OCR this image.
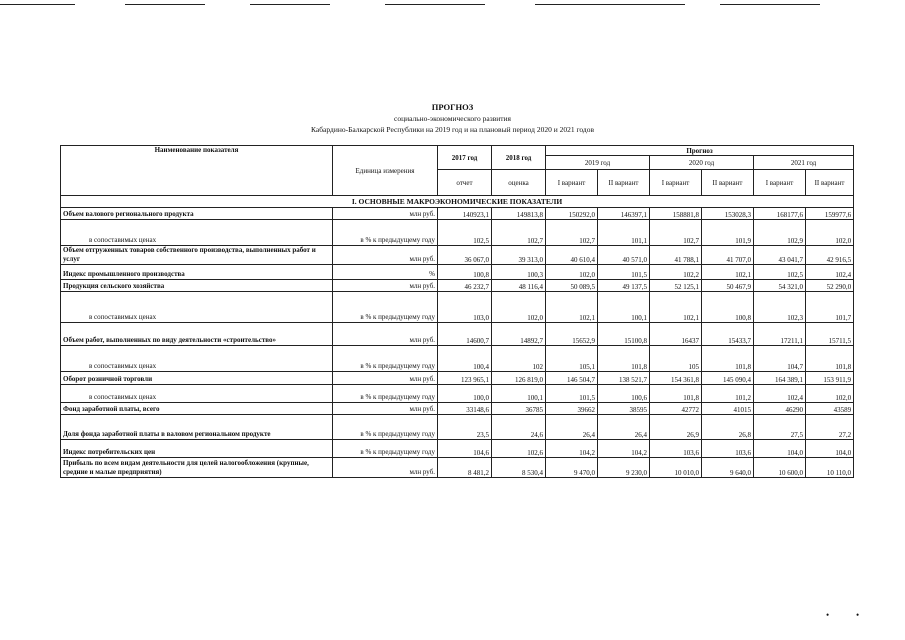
ПРОГНОЗ
социально-экономического развития
Кабардино-Балкарской Республики на 2019 год и на плановый период 2020 и 2021 годов
Наименование показателя	Единица измерения	2017 год	2018 год	Прогноз					
				2019 год		2020 год		2021 год	
		отчет	оценка	I вариант	II вариант	I вариант	II вариант	I вариант	II вариант
I. ОСНОВНЫЕ МАКРОЭКОНОМИЧЕСКИЕ ПОКАЗАТЕЛИ									
Объем валового регионального продукта	млн руб.	140923,1	149813,8	150292,0	146397,1	158881,8	153028,3	168177,6	159977,6
в сопоставимых ценах	в % к предыдущему году	102,5	102,7	102,7	101,1	102,7	101,9	102,9	102,0
Объем отгруженных товаров собственного производства, выполненных работ и услуг	млн руб.	36 067,0	39 313,0	40 610,4	40 571,0	41 788,1	41 707,0	43 041,7	42 916,5
Индекс промышленного производства	%	100,8	100,3	102,0	101,5	102,2	102,1	102,5	102,4
Продукция сельского хозяйства	млн руб.	46 232,7	48 116,4	50 089,5	49 137,5	52 125,1	50 467,9	54 321,0	52 290,0
в сопоставимых ценах	в % к предыдущему году	103,0	102,0	102,1	100,1	102,1	100,8	102,3	101,7
Объем работ, выполненных по виду деятельности «строительство»	млн руб.	14600,7	14892,7	15652,9	15100,8	16437	15433,7	17211,1	15711,5
в сопоставимых ценах	в % к предыдущему году	100,4	102	105,1	101,8	105	101,8	104,7	101,8
Оборот розничной торговли	млн руб.	123 965,1	126 819,0	146 504,7	138 521,7	154 361,8	145 090,4	164 389,1	153 911,9
в сопоставимых ценах	в % к предыдущему году	100,0	100,1	101,5	100,6	101,8	101,2	102,4	102,0
Фонд заработной платы, всего	млн руб.	33148,6	36785	39662	38595	42772	41015	46290	43589
Доля фонда заработной платы в валовом региональном продукте	в % к предыдущему году	23,5	24,6	26,4	26,4	26,9	26,8	27,5	27,2
Индекс потребительских цен	в % к предыдущему году	104,6	102,6	104,2	104,2	103,6	103,6	104,0	104,0
Прибыль по всем видам деятельности для целей налогообложения (крупные, средние и малые предприятия)	млн руб.	8 481,2	8 530,4	9 470,0	9 230,0	10 010,0	9 640,0	10 600,0	10 110,0
•	•
